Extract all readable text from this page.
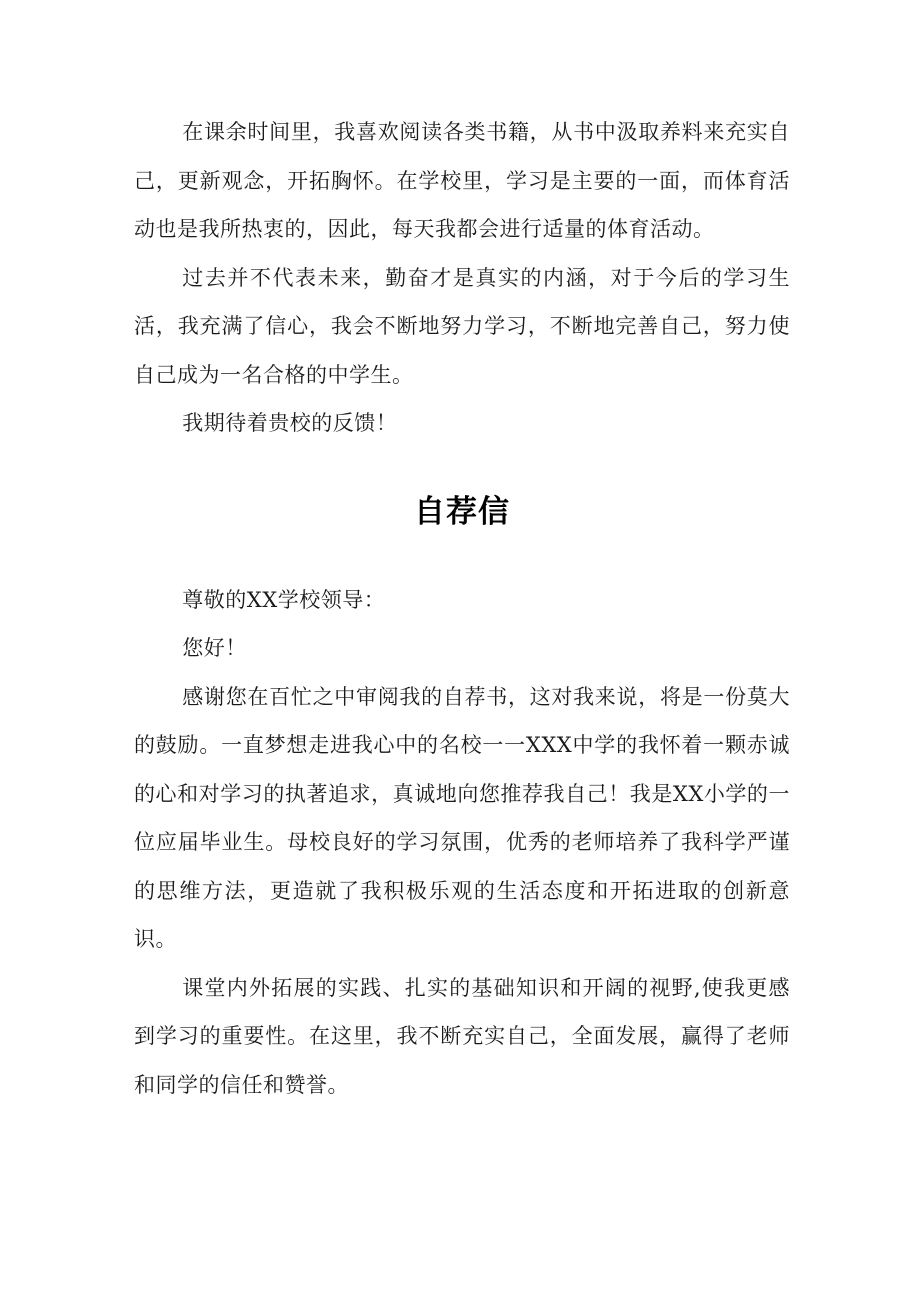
在课余时间里，我喜欢阅读各类书籍，从书中汲取养料来充实自己，更新观念，开拓胸怀。在学校里，学习是主要的一面，而体育活动也是我所热衷的，因此，每天我都会进行适量的体育活动。

过去并不代表未来，勤奋才是真实的内涵，对于今后的学习生活，我充满了信心，我会不断地努力学习，不断地完善自己，努力使自己成为一名合格的中学生。

我期待着贵校的反馈！

自荐信

尊敬的XX学校领导：

您好！

感谢您在百忙之中审阅我的自荐书，这对我来说，将是一份莫大的鼓励。一直梦想走进我心中的名校一一XXX中学的我怀着一颗赤诚的心和对学习的执著追求，真诚地向您推荐我自己！我是XX小学的一位应届毕业生。母校良好的学习氛围，优秀的老师培养了我科学严谨的思维方法，更造就了我积极乐观的生活态度和开拓进取的创新意识。

课堂内外拓展的实践、扎实的基础知识和开阔的视野,使我更感到学习的重要性。在这里，我不断充实自己，全面发展，赢得了老师和同学的信任和赞誉。
